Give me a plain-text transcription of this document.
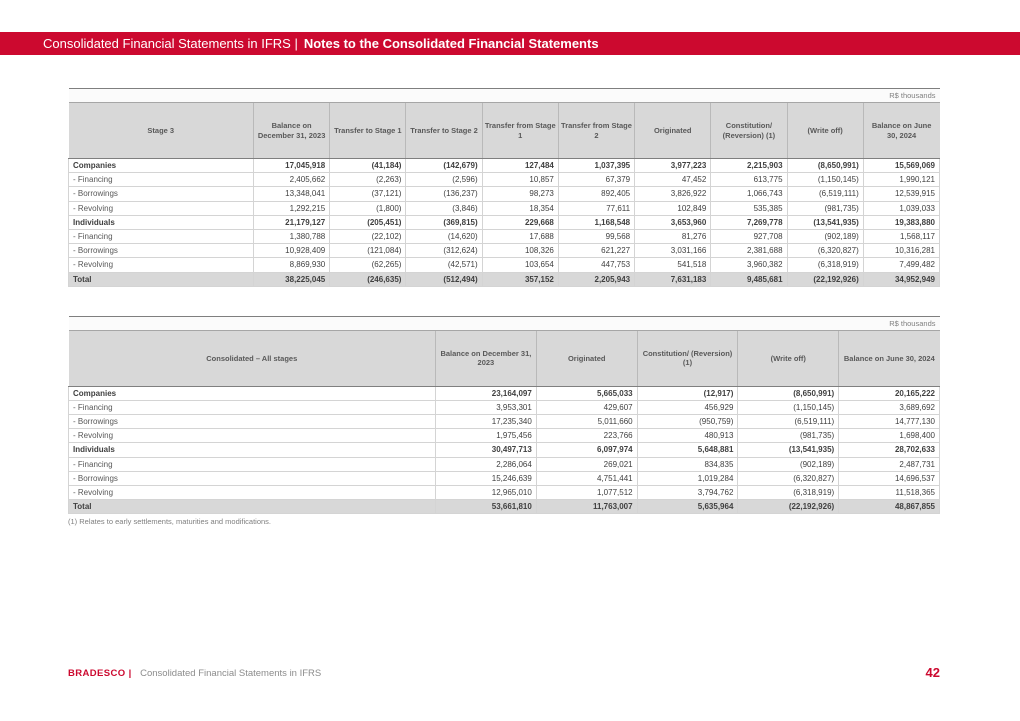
Consolidated Financial Statements in IFRS | Notes to the Consolidated Financial Statements
R$ thousands									
Stage 3	Balance on December 31, 2023	Transfer to Stage 1	Transfer to Stage 2	Transfer from Stage 1	Transfer from Stage 2	Originated	Constitution/ (Reversion) (1)	(Write off)	Balance on June 30, 2024
Companies	17,045,918	(41,184)	(142,679)	127,484	1,037,395	3,977,223	2,215,903	(8,650,991)	15,569,069
- Financing	2,405,662	(2,263)	(2,596)	10,857	67,379	47,452	613,775	(1,150,145)	1,990,121
- Borrowings	13,348,041	(37,121)	(136,237)	98,273	892,405	3,826,922	1,066,743	(6,519,111)	12,539,915
- Revolving	1,292,215	(1,800)	(3,846)	18,354	77,611	102,849	535,385	(981,735)	1,039,033
Individuals	21,179,127	(205,451)	(369,815)	229,668	1,168,548	3,653,960	7,269,778	(13,541,935)	19,383,880
- Financing	1,380,788	(22,102)	(14,620)	17,688	99,568	81,276	927,708	(902,189)	1,568,117
- Borrowings	10,928,409	(121,084)	(312,624)	108,326	621,227	3,031,166	2,381,688	(6,320,827)	10,316,281
- Revolving	8,869,930	(62,265)	(42,571)	103,654	447,753	541,518	3,960,382	(6,318,919)	7,499,482
Total	38,225,045	(246,635)	(512,494)	357,152	2,205,943	7,631,183	9,485,681	(22,192,926)	34,952,949
R$ thousands					
Consolidated – All stages	Balance on December 31, 2023	Originated	Constitution/ (Reversion) (1)	(Write off)	Balance on June 30, 2024
Companies	23,164,097	5,665,033	(12,917)	(8,650,991)	20,165,222
- Financing	3,953,301	429,607	456,929	(1,150,145)	3,689,692
- Borrowings	17,235,340	5,011,660	(950,759)	(6,519,111)	14,777,130
- Revolving	1,975,456	223,766	480,913	(981,735)	1,698,400
Individuals	30,497,713	6,097,974	5,648,881	(13,541,935)	28,702,633
- Financing	2,286,064	269,021	834,835	(902,189)	2,487,731
- Borrowings	15,246,639	4,751,441	1,019,284	(6,320,827)	14,696,537
- Revolving	12,965,010	1,077,512	3,794,762	(6,318,919)	11,518,365
Total	53,661,810	11,763,007	5,635,964	(22,192,926)	48,867,855
(1) Relates to early settlements, maturities and modifications.
BRADESCO | Consolidated Financial Statements in IFRS	42
